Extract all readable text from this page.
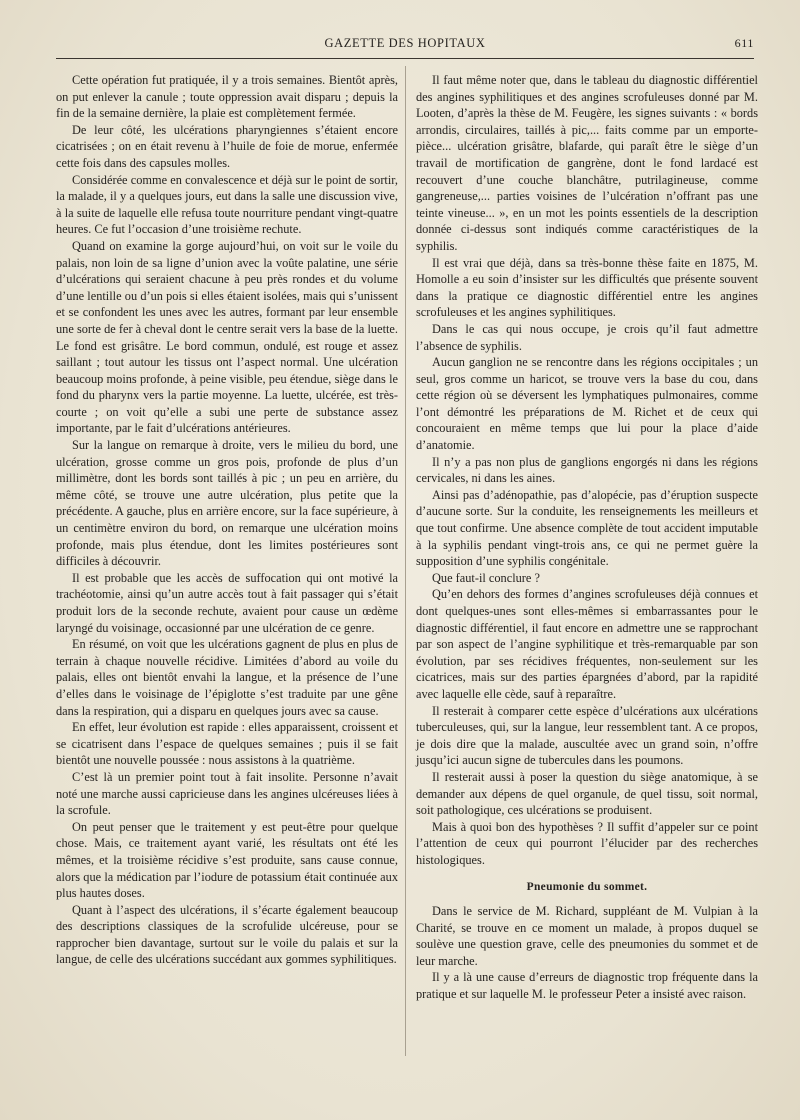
GAZETTE DES HOPITAUX	611

Cette opération fut pratiquée, il y a trois semaines. Bientôt après, on put enlever la canule ; toute oppression avait disparu ; depuis la fin de la semaine dernière, la plaie est complètement fermée.

De leur côté, les ulcérations pharyngiennes s’étaient encore cicatrisées ; on en était revenu à l’huile de foie de morue, enfermée cette fois dans des capsules molles.

Considérée comme en convalescence et déjà sur le point de sortir, la malade, il y a quelques jours, eut dans la salle une discussion vive, à la suite de laquelle elle refusa toute nourriture pendant vingt-quatre heures. Ce fut l’occasion d’une troisième rechute.

Quand on examine la gorge aujourd’hui, on voit sur le voile du palais, non loin de sa ligne d’union avec la voûte palatine, une série d’ulcérations qui seraient chacune à peu près rondes et du volume d’une lentille ou d’un pois si elles étaient isolées, mais qui s’unissent et se confondent les unes avec les autres, formant par leur ensemble une sorte de fer à cheval dont le centre serait vers la base de la luette. Le fond est grisâtre. Le bord commun, ondulé, est rouge et assez saillant ; tout autour les tissus ont l’aspect normal. Une ulcération beaucoup moins profonde, à peine visible, peu étendue, siège dans le fond du pharynx vers la partie moyenne. La luette, ulcérée, est très-courte ; on voit qu’elle a subi une perte de substance assez importante, par le fait d’ulcérations antérieures.

Sur la langue on remarque à droite, vers le milieu du bord, une ulcération, grosse comme un gros pois, profonde de plus d’un millimètre, dont les bords sont taillés à pic ; un peu en arrière, du même côté, se trouve une autre ulcération, plus petite que la précédente. A gauche, plus en arrière encore, sur la face supérieure, à un centimètre environ du bord, on remarque une ulcération moins profonde, mais plus étendue, dont les limites postérieures sont difficiles à découvrir.

Il est probable que les accès de suffocation qui ont motivé la trachéotomie, ainsi qu’un autre accès tout à fait passager qui s’était produit lors de la seconde rechute, avaient pour cause un œdème laryngé du voisinage, occasionné par une ulcération de ce genre.

En résumé, on voit que les ulcérations gagnent de plus en plus de terrain à chaque nouvelle récidive. Limitées d’abord au voile du palais, elles ont bientôt envahi la langue, et la présence de l’une d’elles dans le voisinage de l’épiglotte s’est traduite par une gêne dans la respiration, qui a disparu en quelques jours avec sa cause.

En effet, leur évolution est rapide : elles apparaissent, croissent et se cicatrisent dans l’espace de quelques semaines ; puis il se fait bientôt une nouvelle poussée : nous assistons à la quatrième.

C’est là un premier point tout à fait insolite. Personne n’avait noté une marche aussi capricieuse dans les angines ulcéreuses liées à la scrofule.

On peut penser que le traitement y est peut-être pour quelque chose. Mais, ce traitement ayant varié, les résultats ont été les mêmes, et la troisième récidive s’est produite, sans cause connue, alors que la médication par l’iodure de potassium était continuée aux plus hautes doses.

Quant à l’aspect des ulcérations, il s’écarte également beaucoup des descriptions classiques de la scrofulide ulcéreuse, pour se rapprocher bien davantage, surtout sur le voile du palais et sur la langue, de celle des ulcérations succédant aux gommes syphilitiques.

Il faut même noter que, dans le tableau du diagnostic différentiel des angines syphilitiques et des angines scrofuleuses donné par M. Looten, d’après la thèse de M. Feugère, les signes suivants : « bords arrondis, circulaires, taillés à pic,... faits comme par un emporte-pièce... ulcération grisâtre, blafarde, qui paraît être le siège d’un travail de mortification de gangrène, dont le fond lardacé est recouvert d’une couche blanchâtre, putrilagineuse, comme gangreneuse,... parties voisines de l’ulcération n’offrant pas une teinte vineuse... », en un mot les points essentiels de la description donnée ci-dessus sont indiqués comme caractéristiques de la syphilis.

Il est vrai que déjà, dans sa très-bonne thèse faite en 1875, M. Homolle a eu soin d’insister sur les difficultés que présente souvent dans la pratique ce diagnostic différentiel entre les angines scrofuleuses et les angines syphilitiques.

Dans le cas qui nous occupe, je crois qu’il faut admettre l’absence de syphilis.

Aucun ganglion ne se rencontre dans les régions occipitales ; un seul, gros comme un haricot, se trouve vers la base du cou, dans cette région où se déversent les lymphatiques pulmonaires, comme l’ont démontré les préparations de M. Richet et de ceux qui concouraient en même temps que lui pour la place d’aide d’anatomie.

Il n’y a pas non plus de ganglions engorgés ni dans les régions cervicales, ni dans les aines.

Ainsi pas d’adénopathie, pas d’alopécie, pas d’éruption suspecte d’aucune sorte. Sur la conduite, les renseignements les meilleurs et que tout confirme. Une absence complète de tout accident imputable à la syphilis pendant vingt-trois ans, ce qui ne permet guère la supposition d’une syphilis congénitale.

Que faut-il conclure ?

Qu’en dehors des formes d’angines scrofuleuses déjà connues et dont quelques-unes sont elles-mêmes si embarrassantes pour le diagnostic différentiel, il faut encore en admettre une se rapprochant par son aspect de l’angine syphilitique et très-remarquable par son évolution, par ses récidives fréquentes, non-seulement sur les cicatrices, mais sur des parties épargnées d’abord, par la rapidité avec laquelle elle cède, sauf à reparaître.

Il resterait à comparer cette espèce d’ulcérations aux ulcérations tuberculeuses, qui, sur la langue, leur ressemblent tant. A ce propos, je dois dire que la malade, auscultée avec un grand soin, n’offre jusqu’ici aucun signe de tubercules dans les poumons.

Il resterait aussi à poser la question du siège anatomique, à se demander aux dépens de quel organule, de quel tissu, soit normal, soit pathologique, ces ulcérations se produisent.

Mais à quoi bon des hypothèses ? Il suffit d’appeler sur ce point l’attention de ceux qui pourront l’élucider par des recherches histologiques.

Pneumonie du sommet.

Dans le service de M. Richard, suppléant de M. Vulpian à la Charité, se trouve en ce moment un malade, à propos duquel se soulève une question grave, celle des pneumonies du sommet et de leur marche.

Il y a là une cause d’erreurs de diagnostic trop fréquente dans la pratique et sur laquelle M. le professeur Peter a insisté avec raison.
